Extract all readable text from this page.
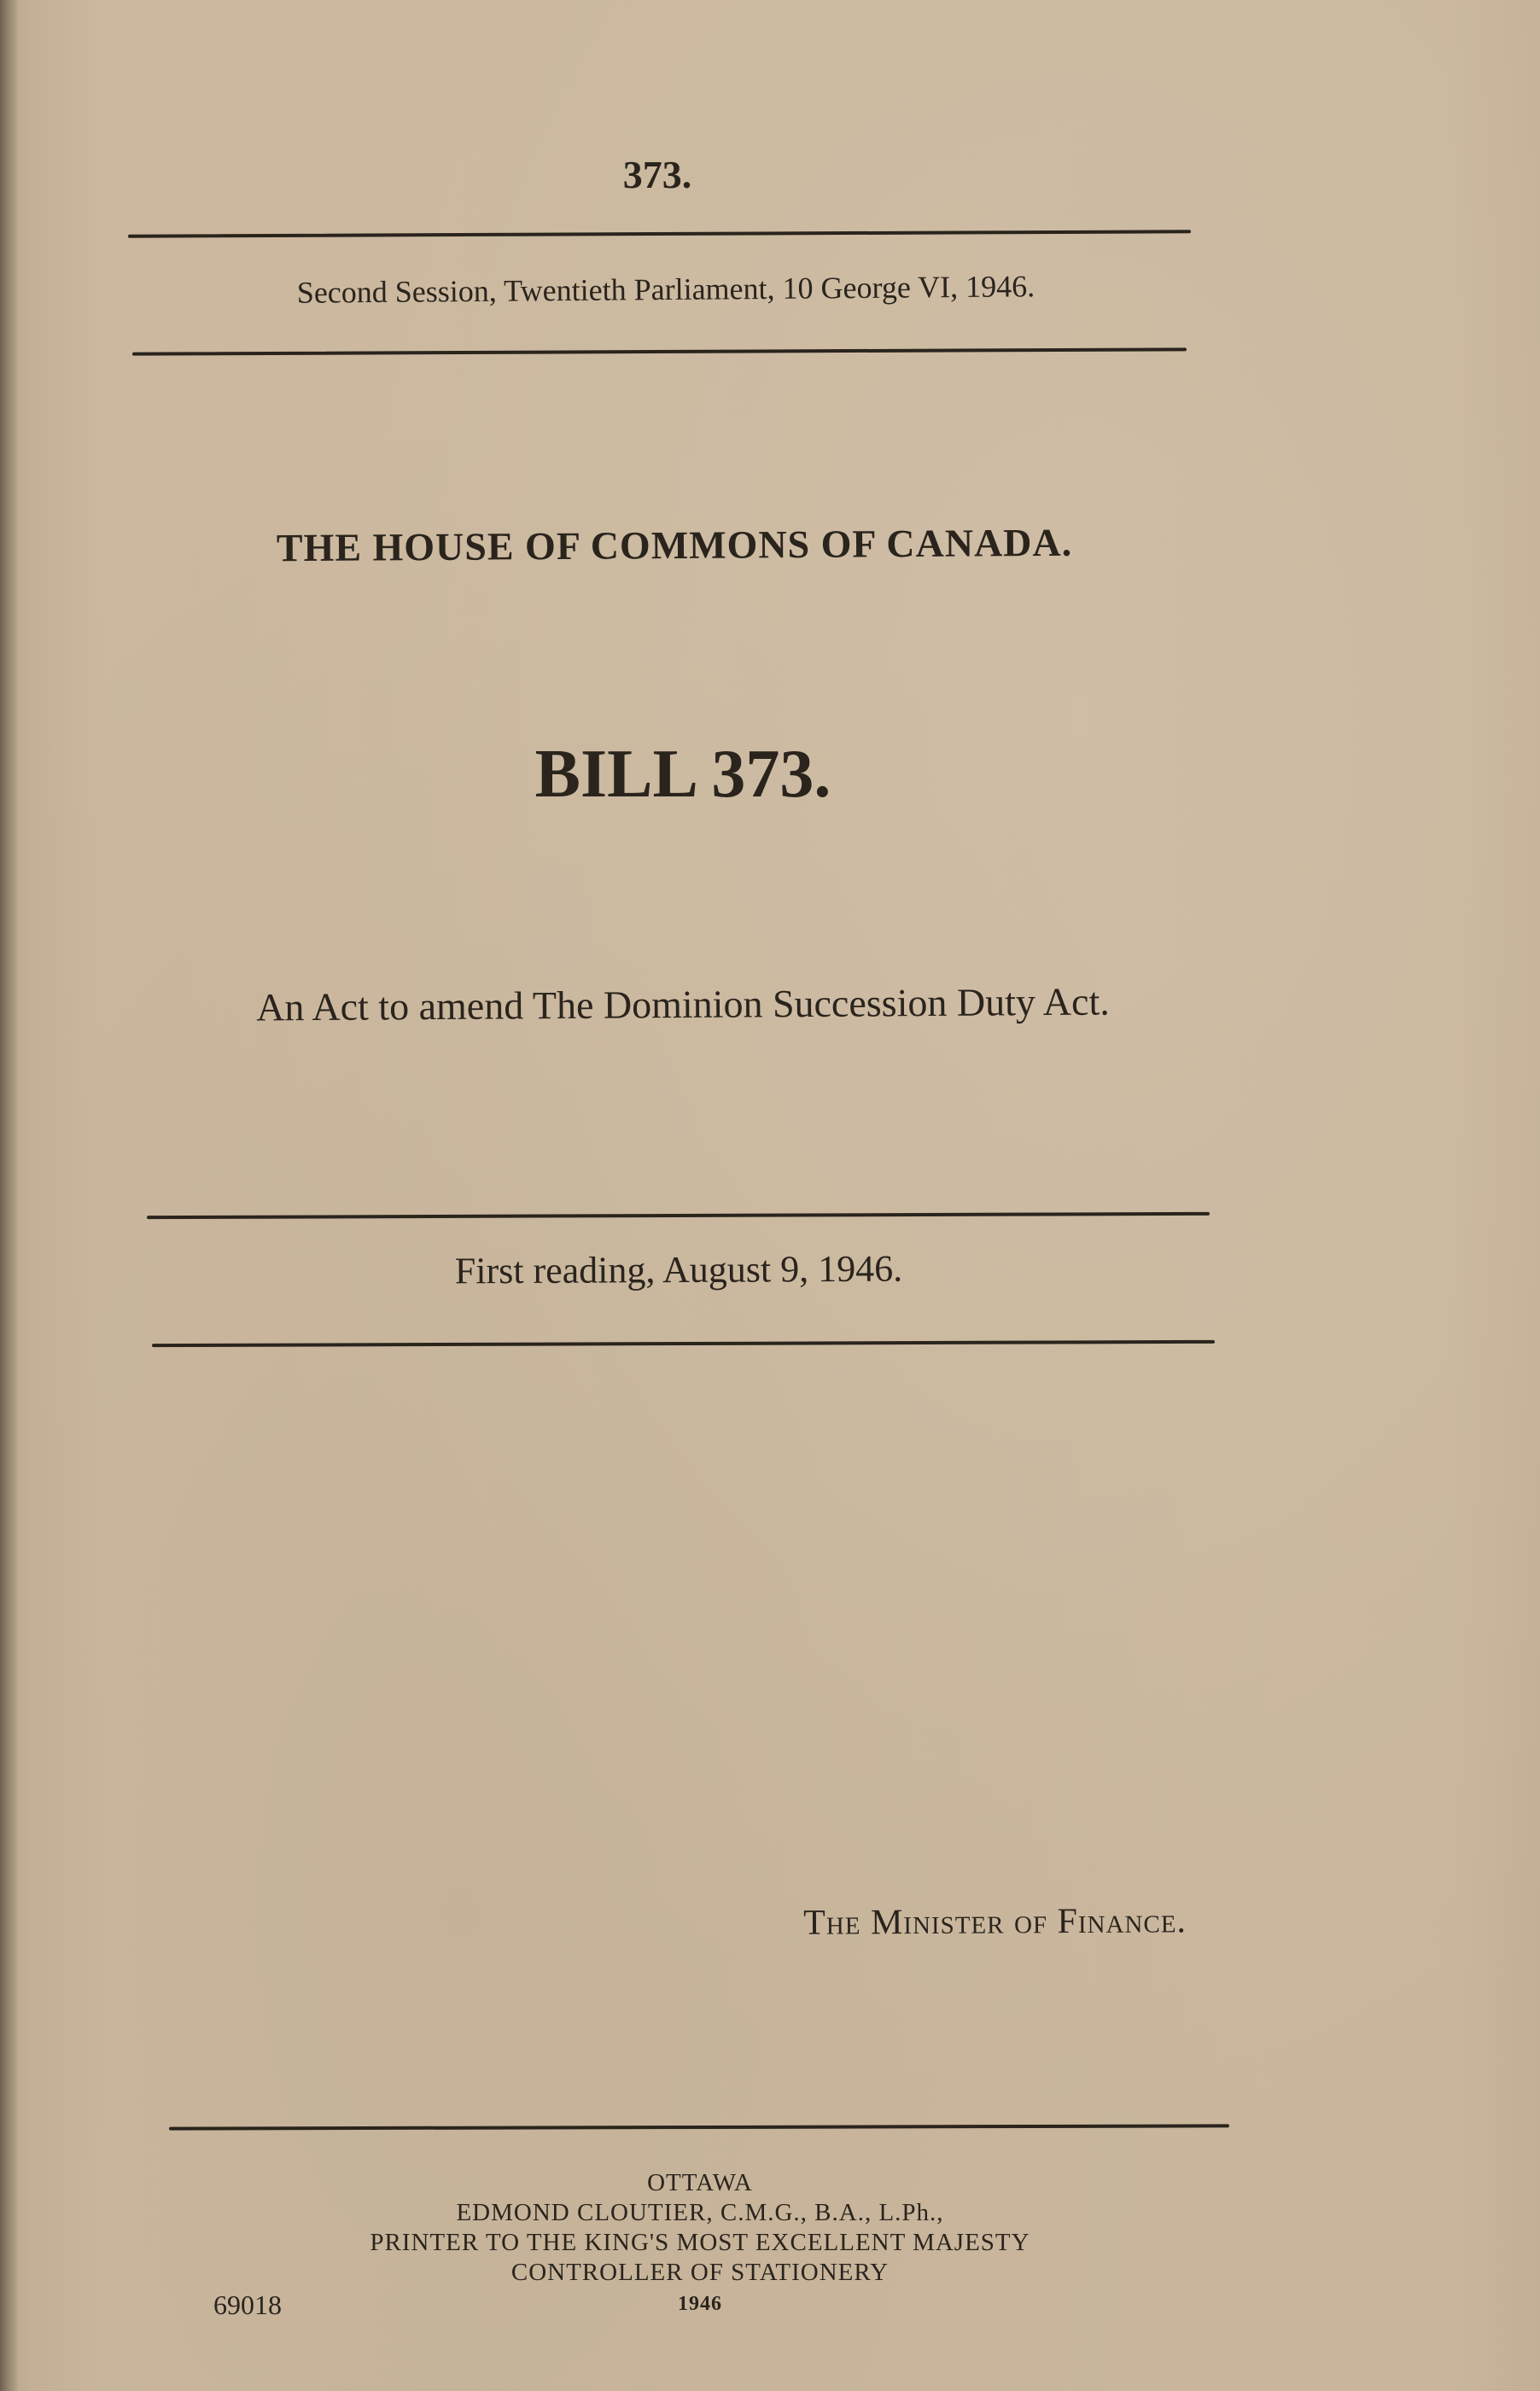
373.
Second Session, Twentieth Parliament, 10 George VI, 1946.
THE HOUSE OF COMMONS OF CANADA.
BILL 373.
An Act to amend The Dominion Succession Duty Act.
First reading, August 9, 1946.
The Minister of Finance.
OTTAWA
EDMOND CLOUTIER, C.M.G., B.A., L.Ph.,
PRINTER TO THE KING'S MOST EXCELLENT MAJESTY
CONTROLLER OF STATIONERY
1946
69018
